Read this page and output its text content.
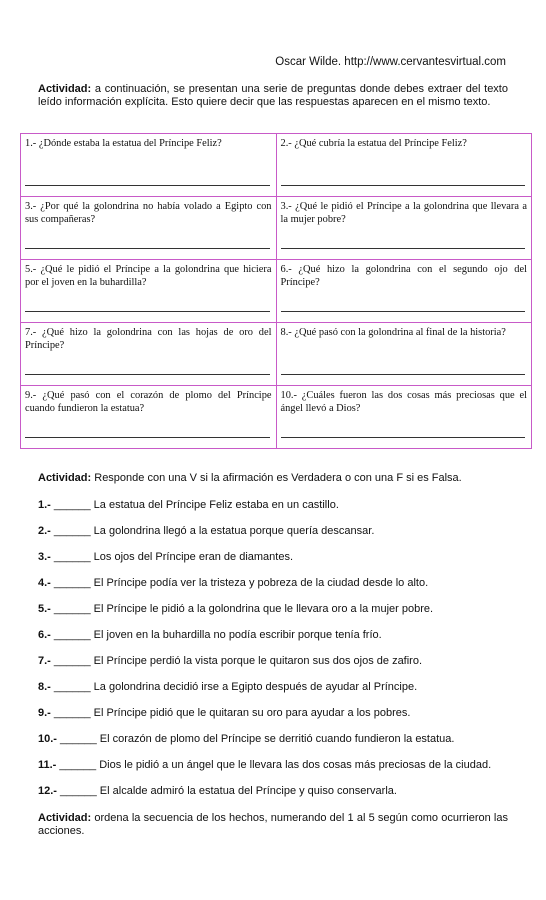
Oscar Wilde. http://www.cervantesvirtual.com
Actividad: a continuación, se presentan una serie de preguntas donde debes extraer del texto leído información explícita. Esto quiere decir que las respuestas aparecen en el mismo texto.
1.- ¿Dónde estaba la estatua del Príncipe Feliz?	2.- ¿Qué cubría la estatua del Príncipe Feliz?

3.- ¿Por qué la golondrina no había volado a Egipto con sus compañeras?	3.- ¿Qué le pidió el Príncipe a la golondrina que llevara a la mujer pobre?

5.- ¿Qué le pidió el Príncipe a la golondrina que hiciera por el joven en la buhardilla?	6.- ¿Qué hizo la golondrina con el segundo ojo del Príncipe?

7.- ¿Qué hizo la golondrina con las hojas de oro del Príncipe?	8.- ¿Qué pasó con la golondrina al final de la historia?

9.- ¿Qué pasó con el corazón de plomo del Príncipe cuando fundieron la estatua?	10.- ¿Cuáles fueron las dos cosas más preciosas que el ángel llevó a Dios?
Actividad: Responde con una V si la afirmación es Verdadera o con una F si es Falsa.
1.- ______ La estatua del Príncipe Feliz estaba en un castillo.
2.- ______ La golondrina llegó a la estatua porque quería descansar.
3.- ______ Los ojos del Príncipe eran de diamantes.
4.- ______ El Príncipe podía ver la tristeza y pobreza de la ciudad desde lo alto.
5.- ______ El Príncipe le pidió a la golondrina que le llevara oro a la mujer pobre.
6.- ______ El joven en la buhardilla no podía escribir porque tenía frío.
7.- ______ El Príncipe perdió la vista porque le quitaron sus dos ojos de zafiro.
8.- ______ La golondrina decidió irse a Egipto después de ayudar al Príncipe.
9.- ______ El Príncipe pidió que le quitaran su oro para ayudar a los pobres.
10.- ______ El corazón de plomo del Príncipe se derritió cuando fundieron la estatua.
11.- ______ Dios le pidió a un ángel que le llevara las dos cosas más preciosas de la ciudad.
12.- ______ El alcalde admiró la estatua del Príncipe y quiso conservarla.
Actividad: ordena la secuencia de los hechos, numerando del 1 al 5 según como ocurrieron las acciones.
